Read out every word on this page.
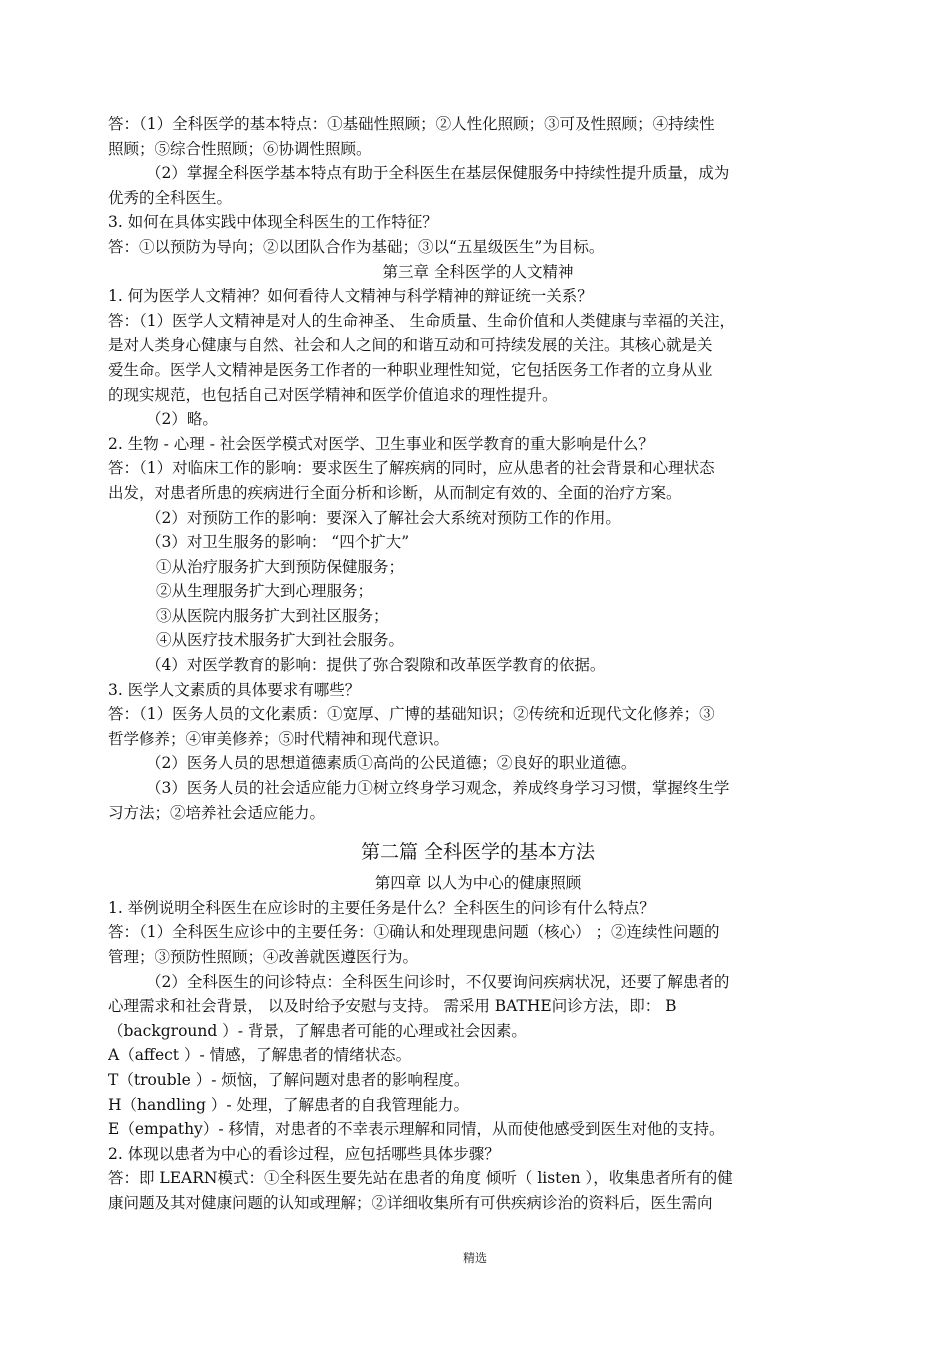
答：（1）全科医学的基本特点：①基础性照顾；②人性化照顾；③可及性照顾；④持续性
照顾；⑤综合性照顾；⑥协调性照顾。
（2）掌握全科医学基本特点有助于全科医生在基层保健服务中持续性提升质量，成为
优秀的全科医生。
3. 如何在具体实践中体现全科医生的工作特征？
答：①以预防为导向；②以团队合作为基础；③以“五星级医生”为目标。
第三章 全科医学的人文精神
1. 何为医学人文精神？如何看待人文精神与科学精神的辩证统一关系？
答：（1）医学人文精神是对人的生命神圣、 生命质量、生命价值和人类健康与幸福的关注，
是对人类身心健康与自然、社会和人之间的和谐互动和可持续发展的关注。其核心就是关
爱生命。医学人文精神是医务工作者的一种职业理性知觉，它包括医务工作者的立身从业
的现实规范，也包括自己对医学精神和医学价值追求的理性提升。
（2）略。
2. 生物 - 心理 - 社会医学模式对医学、卫生事业和医学教育的重大影响是什么？
答：（1）对临床工作的影响：要求医生了解疾病的同时，应从患者的社会背景和心理状态
出发，对患者所患的疾病进行全面分析和诊断，从而制定有效的、全面的治疗方案。
（2）对预防工作的影响：要深入了解社会大系统对预防工作的作用。
（3）对卫生服务的影响： “四个扩大”
①从治疗服务扩大到预防保健服务；
②从生理服务扩大到心理服务；
③从医院内服务扩大到社区服务；
④从医疗技术服务扩大到社会服务。
（4）对医学教育的影响：提供了弥合裂隙和改革医学教育的依据。
3. 医学人文素质的具体要求有哪些？
答：（1）医务人员的文化素质：①宽厚、广博的基础知识；②传统和近现代文化修养；③
哲学修养；④审美修养；⑤时代精神和现代意识。
（2）医务人员的思想道德素质①高尚的公民道德；②良好的职业道德。
（3）医务人员的社会适应能力①树立终身学习观念，养成终身学习习惯，掌握终生学
习方法；②培养社会适应能力。
第二篇 全科医学的基本方法
第四章 以人为中心的健康照顾
1. 举例说明全科医生在应诊时的主要任务是什么？全科医生的问诊有什么特点？
答：（1）全科医生应诊中的主要任务：①确认和处理现患问题（核心） ；②连续性问题的
管理；③预防性照顾；④改善就医遵医行为。
（2）全科医生的问诊特点：全科医生问诊时，不仅要询问疾病状况，还要了解患者的
心理需求和社会背景， 以及时给予安慰与支持。 需采用 BATHE问诊方法，即： B
（background ）- 背景，了解患者可能的心理或社会因素。
A（affect ）- 情感，了解患者的情绪状态。
T（trouble ）- 烦恼，了解问题对患者的影响程度。
H（handling ）- 处理，了解患者的自我管理能力。
E（empathy）- 移情，对患者的不幸表示理解和同情，从而使他感受到医生对他的支持。
2. 体现以患者为中心的看诊过程，应包括哪些具体步骤？
答：即 LEARN模式：①全科医生要先站在患者的角度 倾听（ listen ），收集患者所有的健
康问题及其对健康问题的认知或理解；②详细收集所有可供疾病诊治的资料后，医生需向
精选
